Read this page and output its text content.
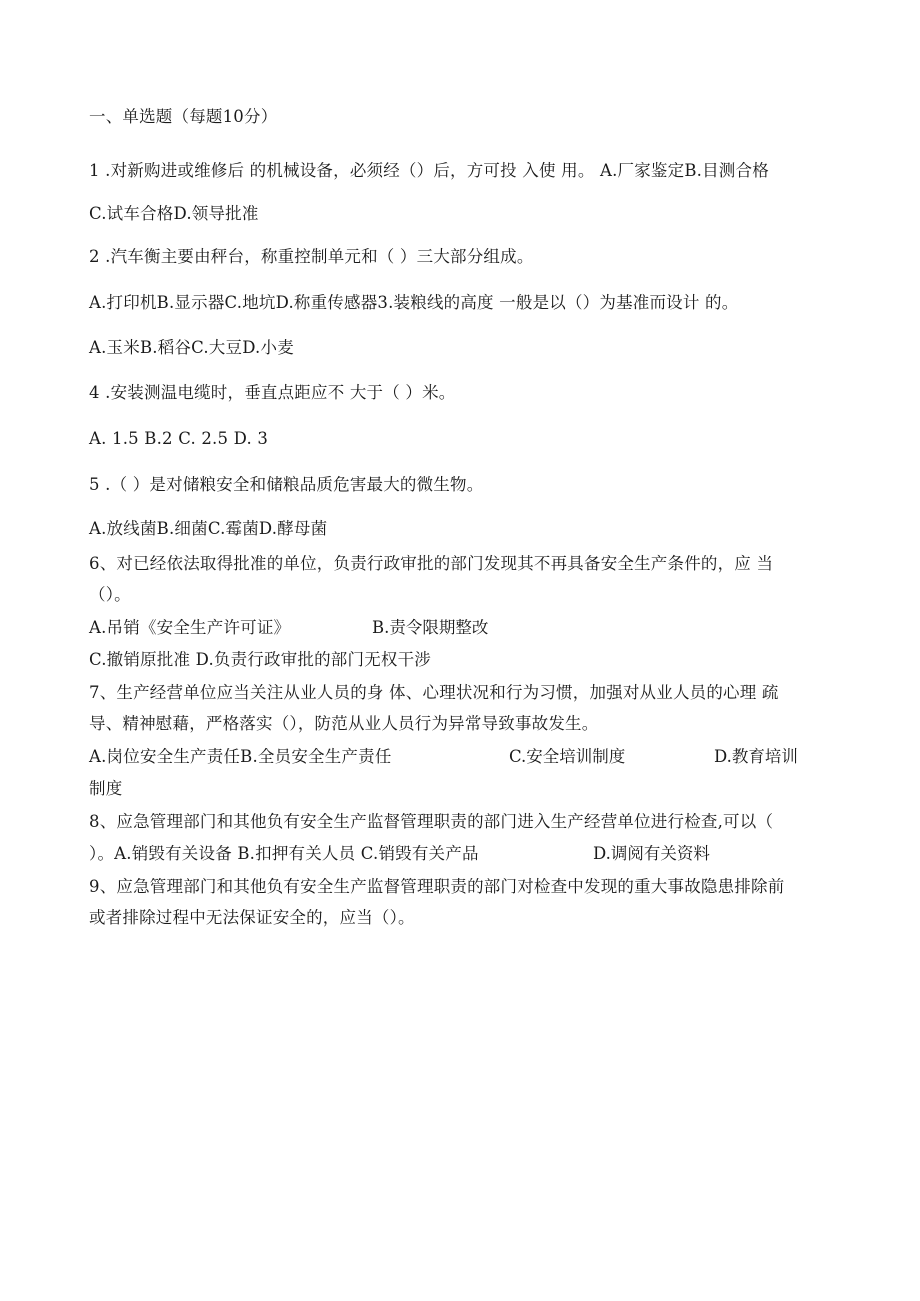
一、单选题（每题10分）
1 .对新购进或维修后 的机械设备，必须经（）后，方可投 入使 用。 A.厂家鉴定B.目测合格
C.试车合格D.领导批准
2 .汽车衡主要由秤台，称重控制单元和（ ）三大部分组成。
A.打印机B.显示器C.地坑D.称重传感器3.装粮线的高度 一般是以（）为基准而设计 的。
A.玉米B.稻谷C.大豆D.小麦
4 .安装测温电缆时，垂直点距应不 大于（ ）米。
A. 1.5 B.2 C. 2.5 D. 3
5 .（ ）是对储粮安全和储粮品质危害最大的微生物。
A.放线菌B.细菌C.霉菌D.酵母菌
6、对已经依法取得批准的单位，负责行政审批的部门发现其不再具备安全生产条件的，应 当
（）。
A.吊销《安全生产许可证》	B.责令限期整改
C.撤销原批准 D.负责行政审批的部门无权干涉
7、生产经营单位应当关注从业人员的身 体、心理状况和行为习惯，加强对从业人员的心理 疏
导、精神慰藉，严格落实（），防范从业人员行为异常导致事故发生。
A.岗位安全生产责任B.全员安全生产责任	C.安全培训制度	D.教育培训
制度
8、应急管理部门和其他负有安全生产监督管理职责的部门进入生产经营单位进行检查,可以（
）。A.销毁有关设备 B.扣押有关人员 C.销毁有关产品	D.调阅有关资料
9、应急管理部门和其他负有安全生产监督管理职责的部门对检查中发现的重大事故隐患排除前
或者排除过程中无法保证安全的，应当（）。
